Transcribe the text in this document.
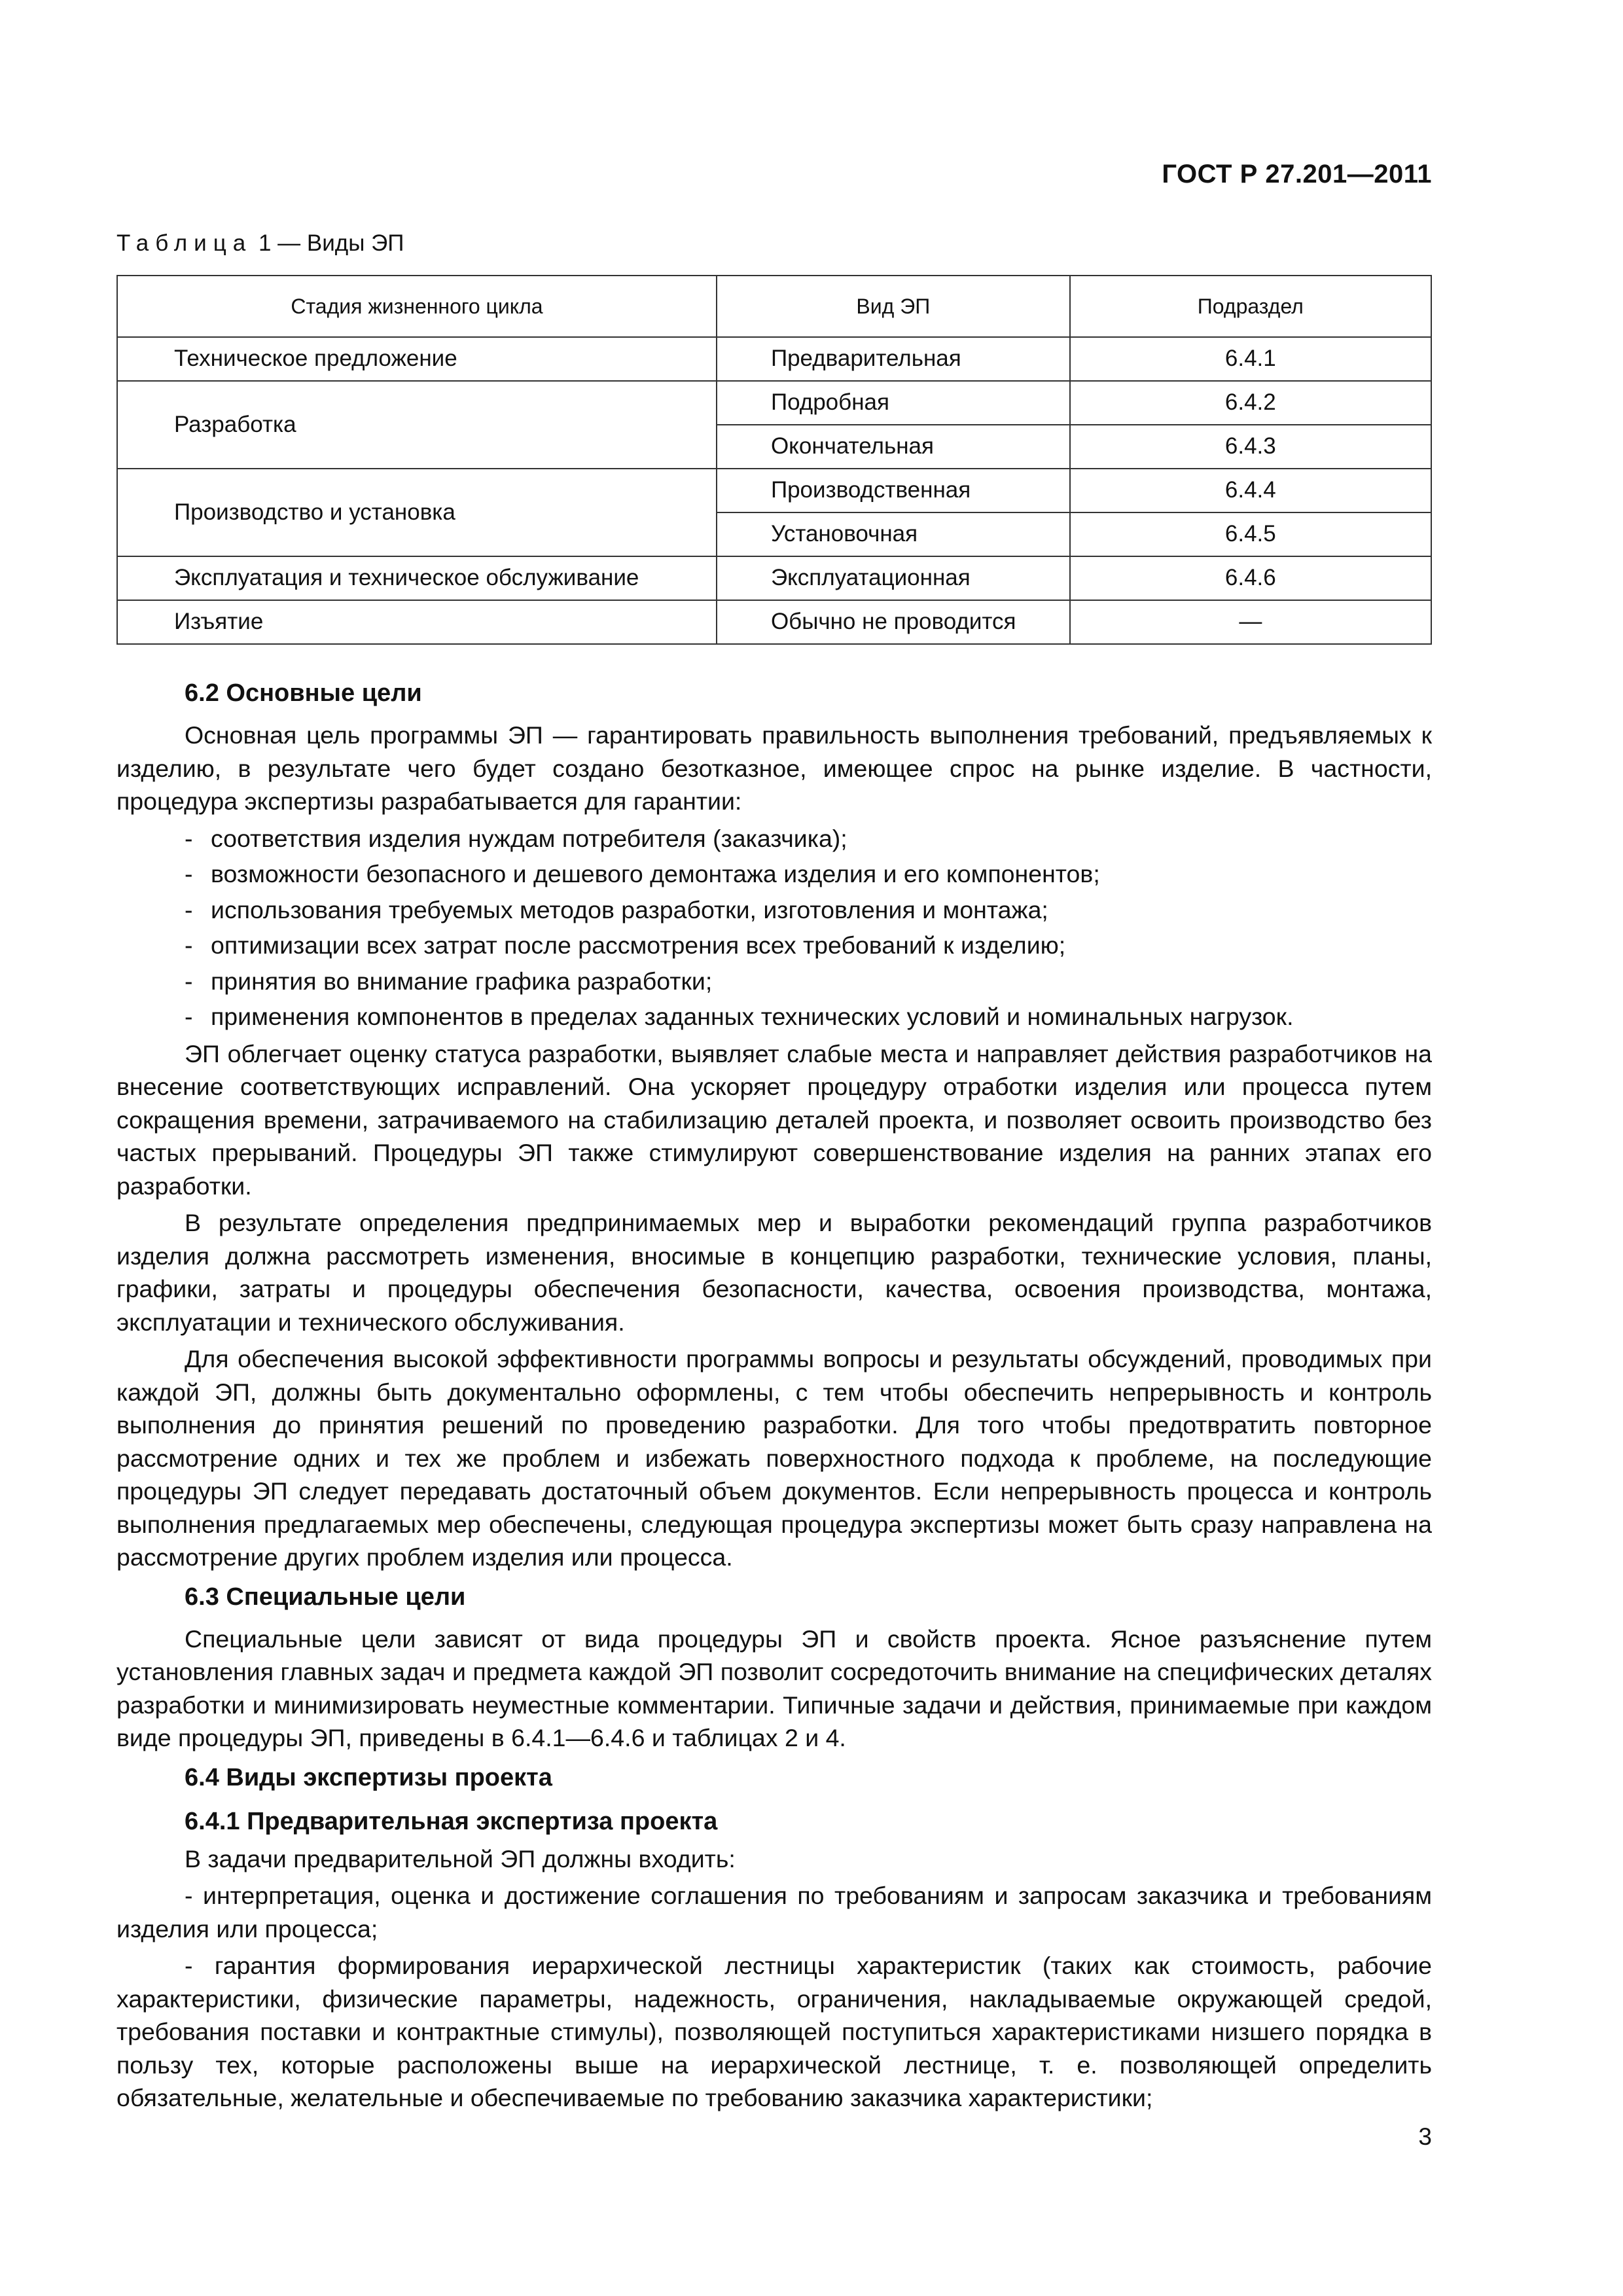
ГОСТ Р 27.201—2011
Таблица 1 — Виды ЭП
Стадия жизненного цикла	Вид ЭП	Подраздел
Техническое предложение	Предварительная	6.4.1
Разработка	Подробная	6.4.2
	Окончательная	6.4.3
Производство и установка	Производственная	6.4.4
	Установочная	6.4.5
Эксплуатация и техническое обслуживание	Эксплуатационная	6.4.6
Изъятие	Обычно не проводится	—
6.2 Основные цели

Основная цель программы ЭП — гарантировать правильность выполнения требований, предъявляемых к изделию, в результате чего будет создано безотказное, имеющее спрос на рынке изделие. В частности, процедура экспертизы разрабатывается для гарантии:

- соответствия изделия нуждам потребителя (заказчика);
- возможности безопасного и дешевого демонтажа изделия и его компонентов;
- использования требуемых методов разработки, изготовления и монтажа;
- оптимизации всех затрат после рассмотрения всех требований к изделию;
- принятия во внимание графика разработки;
- применения компонентов в пределах заданных технических условий и номинальных нагрузок.

ЭП облегчает оценку статуса разработки, выявляет слабые места и направляет действия разработчиков на внесение соответствующих исправлений. Она ускоряет процедуру отработки изделия или процесса путем сокращения времени, затрачиваемого на стабилизацию деталей проекта, и позволяет освоить производство без частых прерываний. Процедуры ЭП также стимулируют совершенствование изделия на ранних этапах его разработки.

В результате определения предпринимаемых мер и выработки рекомендаций группа разработчиков изделия должна рассмотреть изменения, вносимые в концепцию разработки, технические условия, планы, графики, затраты и процедуры обеспечения безопасности, качества, освоения производства, монтажа, эксплуатации и технического обслуживания.

Для обеспечения высокой эффективности программы вопросы и результаты обсуждений, проводимых при каждой ЭП, должны быть документально оформлены, с тем чтобы обеспечить непрерывность и контроль выполнения до принятия решений по проведению разработки. Для того чтобы предотвратить повторное рассмотрение одних и тех же проблем и избежать поверхностного подхода к проблеме, на последующие процедуры ЭП следует передавать достаточный объем документов. Если непрерывность процесса и контроль выполнения предлагаемых мер обеспечены, следующая процедура экспертизы может быть сразу направлена на рассмотрение других проблем изделия или процесса.

6.3 Специальные цели

Специальные цели зависят от вида процедуры ЭП и свойств проекта. Ясное разъяснение путем установления главных задач и предмета каждой ЭП позволит сосредоточить внимание на специфических деталях разработки и минимизировать неуместные комментарии. Типичные задачи и действия, принимаемые при каждом виде процедуры ЭП, приведены в 6.4.1—6.4.6 и таблицах 2 и 4.

6.4 Виды экспертизы проекта
6.4.1 Предварительная экспертиза проекта

В задачи предварительной ЭП должны входить:

- интерпретация, оценка и достижение соглашения по требованиям и запросам заказчика и требованиям изделия или процесса;

- гарантия формирования иерархической лестницы характеристик (таких как стоимость, рабочие характеристики, физические параметры, надежность, ограничения, накладываемые окружающей средой, требования поставки и контрактные стимулы), позволяющей поступиться характеристиками низшего порядка в пользу тех, которые расположены выше на иерархической лестнице, т. е. позволяющей определить обязательные, желательные и обеспечиваемые по требованию заказчика характеристики;

3
